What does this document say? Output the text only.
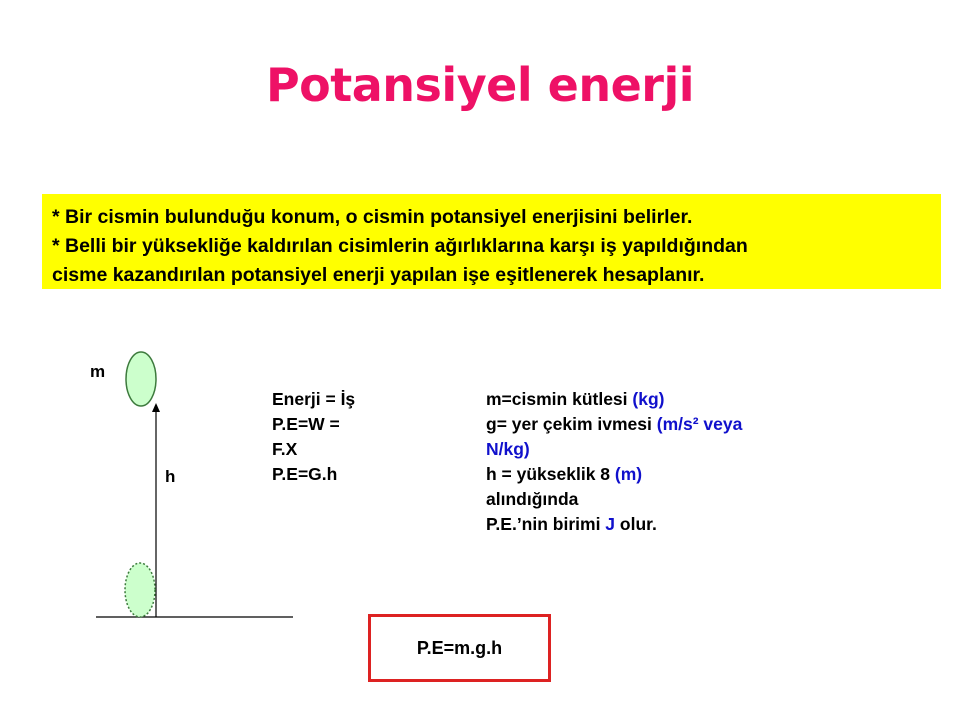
Potansiyel enerji
* Bir cismin bulunduğu konum, o cismin potansiyel enerjisini belirler.
* Belli bir yüksekliğe kaldırılan cisimlerin ağırlıklarına karşı iş yapıldığından
cisme kazandırılan potansiyel enerji yapılan işe eşitlenerek hesaplanır.
m
h
Enerji = İş
P.E=W =
F.X
P.E=G.h
m=cismin kütlesi (kg)
g= yer çekim ivmesi (m/s² veya
N/kg)
h = yükseklik 8 (m)
alındığında
P.E.’nin birimi J olur.
P.E=m.g.h
